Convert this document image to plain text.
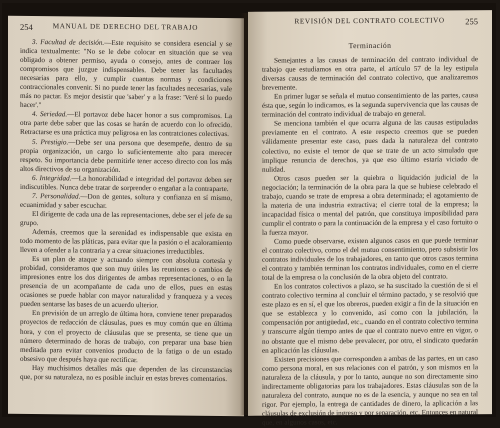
254	MANUAL DE DERECHO DEL TRABAJO

3. Facultad de decisión.—Este requisito se considera esencial y se indica textualmente: "No se le debe colocar en situación que se vea obligado a obtener permiso, ayuda o consejo, antes de contraer los compromisos que juzgue indispensables. Debe tener las facultades necesarias para ello, y cumplir cuantas normas y condiciones contraccionales convenir. Si no puede tener las facultades necesarias, vale más no pactar. Es mejor desistir que 'saber' y a la frase: 'Veré si lo puedo hacer'."

4. Seriedad.—El portavoz debe hacer honor a sus compromisos. La otra parte debe saber que las cosas se harán de acuerdo con lo ofrecido. Retractarse es una práctica muy peligrosa en las contratciones colectivas.

5. Prestigio.—Debe ser una persona que desempeñe, dentro de su propia organización, un cargo lo suficientemente alto para merecer respeto. Su importancia debe permitirle tener acceso directo con los más altos directivos de su organización.

6. Integridad.—La honorabilidad e integridad del portavoz deben ser indiscutibles. Nunca debe tratar de sorprender o engañar a la contraparte.

7. Personalidad.—Don de gentes, soltura y confianza en sí mismo, ecuanimidad y saber escuchar.

El dirigente de cada una de las representaciones, debe ser el jefe de su grupo.

Además, creemos que la serenidad es indispensable que exista en todo momento de las pláticas, para evitar que la pasión o el acaloramiento lleven a ofender a la contraria y a crear situaciones irreductibles.

Es un plan de ataque y actuando siempre con absoluta cortesía y probidad, consideramos que son muy útiles las reuniones o cambios de impresiones entre los dos dirigentes de ambas representaciones, o en la presencia de un acompañante de cada uno de ellos, pues en estas ocasiones se puede hablar con mayor naturalidad y franqueza y a veces pueden sentarse las bases de un acuerdo ulterior.

En previsión de un arreglo de última hora, conviene tener preparados proyectos de redacción de cláusulas, pues es muy común que en última hora, y con el proyecto de cláusulas que se presenta, se tiene que un número determinado de horas de trabajo, con preparar una base bien meditada para evitar convenios producto de la fatiga o de un estado obsesivo que después haya que rectificar.

Hay muchísimos detalles más que dependen de las circunstancias que, por su naturaleza, no es posible incluir en estas breves comentarios.

REVISIÓN DEL CONTRATO COLECTIVO 255
Terminación

Semejantes a las causas de terminación del contrato individual de trabajo que estudiamos en otra parte, el artículo 57 de la ley estipula diversas causas de terminación del contrato colectivo, que analizaremos brevemente.

En primer lugar se señala el mutuo consentimiento de las partes, causa ésta que, según lo indicamos, es la segunda supervivencia que las causas de terminación del contrato individual de trabajo en general.

Se menciona también el que ocurra alguna de las causas estipuladas previamente en el contrato. A este respecto creemos que se pueden válidamente presentar este caso, pues dada la naturaleza del contrato colectivo, no existe el temor de que se trate de un acto simulado que implique renuncia de derechos, ya que eso último estaría viciado de nulidad.

Otros casos pueden ser la quiebra o liquidación judicial de la negociación; la terminación de la obra para la que se hubiese celebrado el trabajo, cuando se trate de empresa a obra determinada; el agotamiento de la materia de una industria extractiva; el cierre total de la empresa; la incapacidad física o mental del patrón, que constituya imposibilidad para cumplir el contrato o para la continuación de la empresa y el caso fortuito o la fuerza mayor.

Como puede observarse, existen algunos casos en que puede terminar el contrato colectivo, como el del mutuo consentimiento, pero subsistir los contratos individuales de los trabajadores, en tanto que otros casos termina el contrato y también terminan los contratos individuales, como en el cierre total de la empresa o la conclusión de la obra objeto del contrato.

En los contratos colectivos a plazo, se ha suscitado la cuestión de si el contrato colectivo termina al concluir el término pactado, y se resolvió que este plazo es en sí, el que los obreros, pueden exigir a fin de la situación en que se establezca y lo convenido, así como con la jubilación, la compensación por antigüedad, etc., cuando en el contrato colectivo termina y transcurre algún tiempo antes de que el contrato nuevo entre en vigor, o no obstante que el mismo debe prevalecer, por otro, el sindicato quedarán en aplicación las cláusulas.

Existen precisiones que corresponden a ambas de las partes, en un caso como persona moral, en sus relaciones con el patrón, y son mismos en la naturaleza de la cláusula, y por lo tanto, aunque no son directamente sino indirectamente obligatorias para los trabajadores. Estas cláusulas son de la naturaleza del contrato, aunque no es de la esencia, y aunque no sea en tal rigor. Por ejemplo, la entrega de cantidades de dinero, la aplicación a las cláusulas de exclusión de ingreso y por separación, etc. Entonces en natural que, en algunos casos, etc.
